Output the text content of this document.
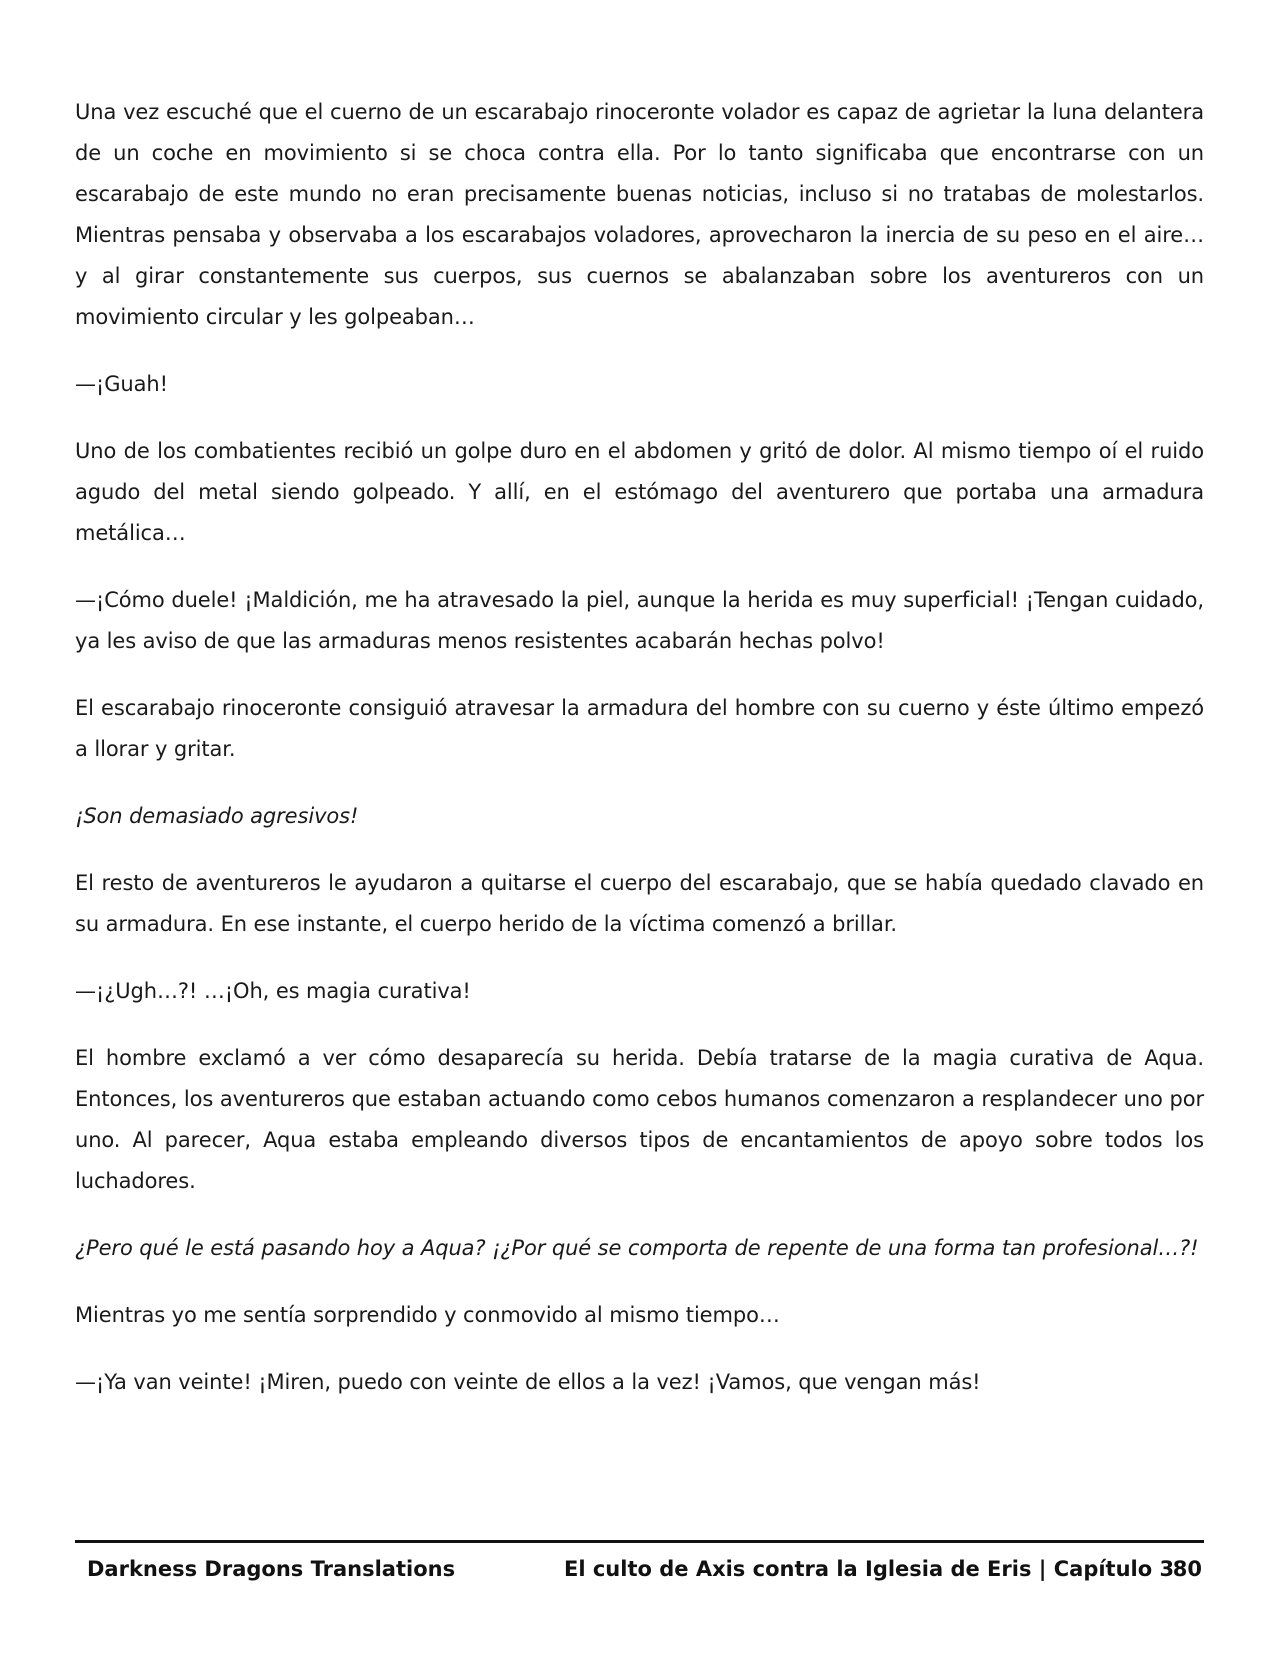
Una vez escuché que el cuerno de un escarabajo rinoceronte volador es capaz de agrietar la luna delantera de un coche en movimiento si se choca contra ella. Por lo tanto significaba que encontrarse con un escarabajo de este mundo no eran precisamente buenas noticias, incluso si no tratabas de molestarlos. Mientras pensaba y observaba a los escarabajos voladores, aprovecharon la inercia de su peso en el aire… y al girar constantemente sus cuerpos, sus cuernos se abalanzaban sobre los aventureros con un movimiento circular y les golpeaban…

—¡Guah!

Uno de los combatientes recibió un golpe duro en el abdomen y gritó de dolor. Al mismo tiempo oí el ruido agudo del metal siendo golpeado. Y allí, en el estómago del aventurero que portaba una armadura metálica…

—¡Cómo duele! ¡Maldición, me ha atravesado la piel, aunque la herida es muy superficial! ¡Tengan cuidado, ya les aviso de que las armaduras menos resistentes acabarán hechas polvo!

El escarabajo rinoceronte consiguió atravesar la armadura del hombre con su cuerno y éste último empezó a llorar y gritar.

¡Son demasiado agresivos!

El resto de aventureros le ayudaron a quitarse el cuerpo del escarabajo, que se había quedado clavado en su armadura. En ese instante, el cuerpo herido de la víctima comenzó a brillar.

—¡¿Ugh…?! …¡Oh, es magia curativa!

El hombre exclamó a ver cómo desaparecía su herida. Debía tratarse de la magia curativa de Aqua. Entonces, los aventureros que estaban actuando como cebos humanos comenzaron a resplandecer uno por uno. Al parecer, Aqua estaba empleando diversos tipos de encantamientos de apoyo sobre todos los luchadores.

¿Pero qué le está pasando hoy a Aqua? ¡¿Por qué se comporta de repente de una forma tan profesional…?!

Mientras yo me sentía sorprendido y conmovido al mismo tiempo…

—¡Ya van veinte! ¡Miren, puedo con veinte de ellos a la vez! ¡Vamos, que vengan más!

Darkness Dragons Translations	El culto de Axis contra la Iglesia de Eris | Capítulo 3
80
